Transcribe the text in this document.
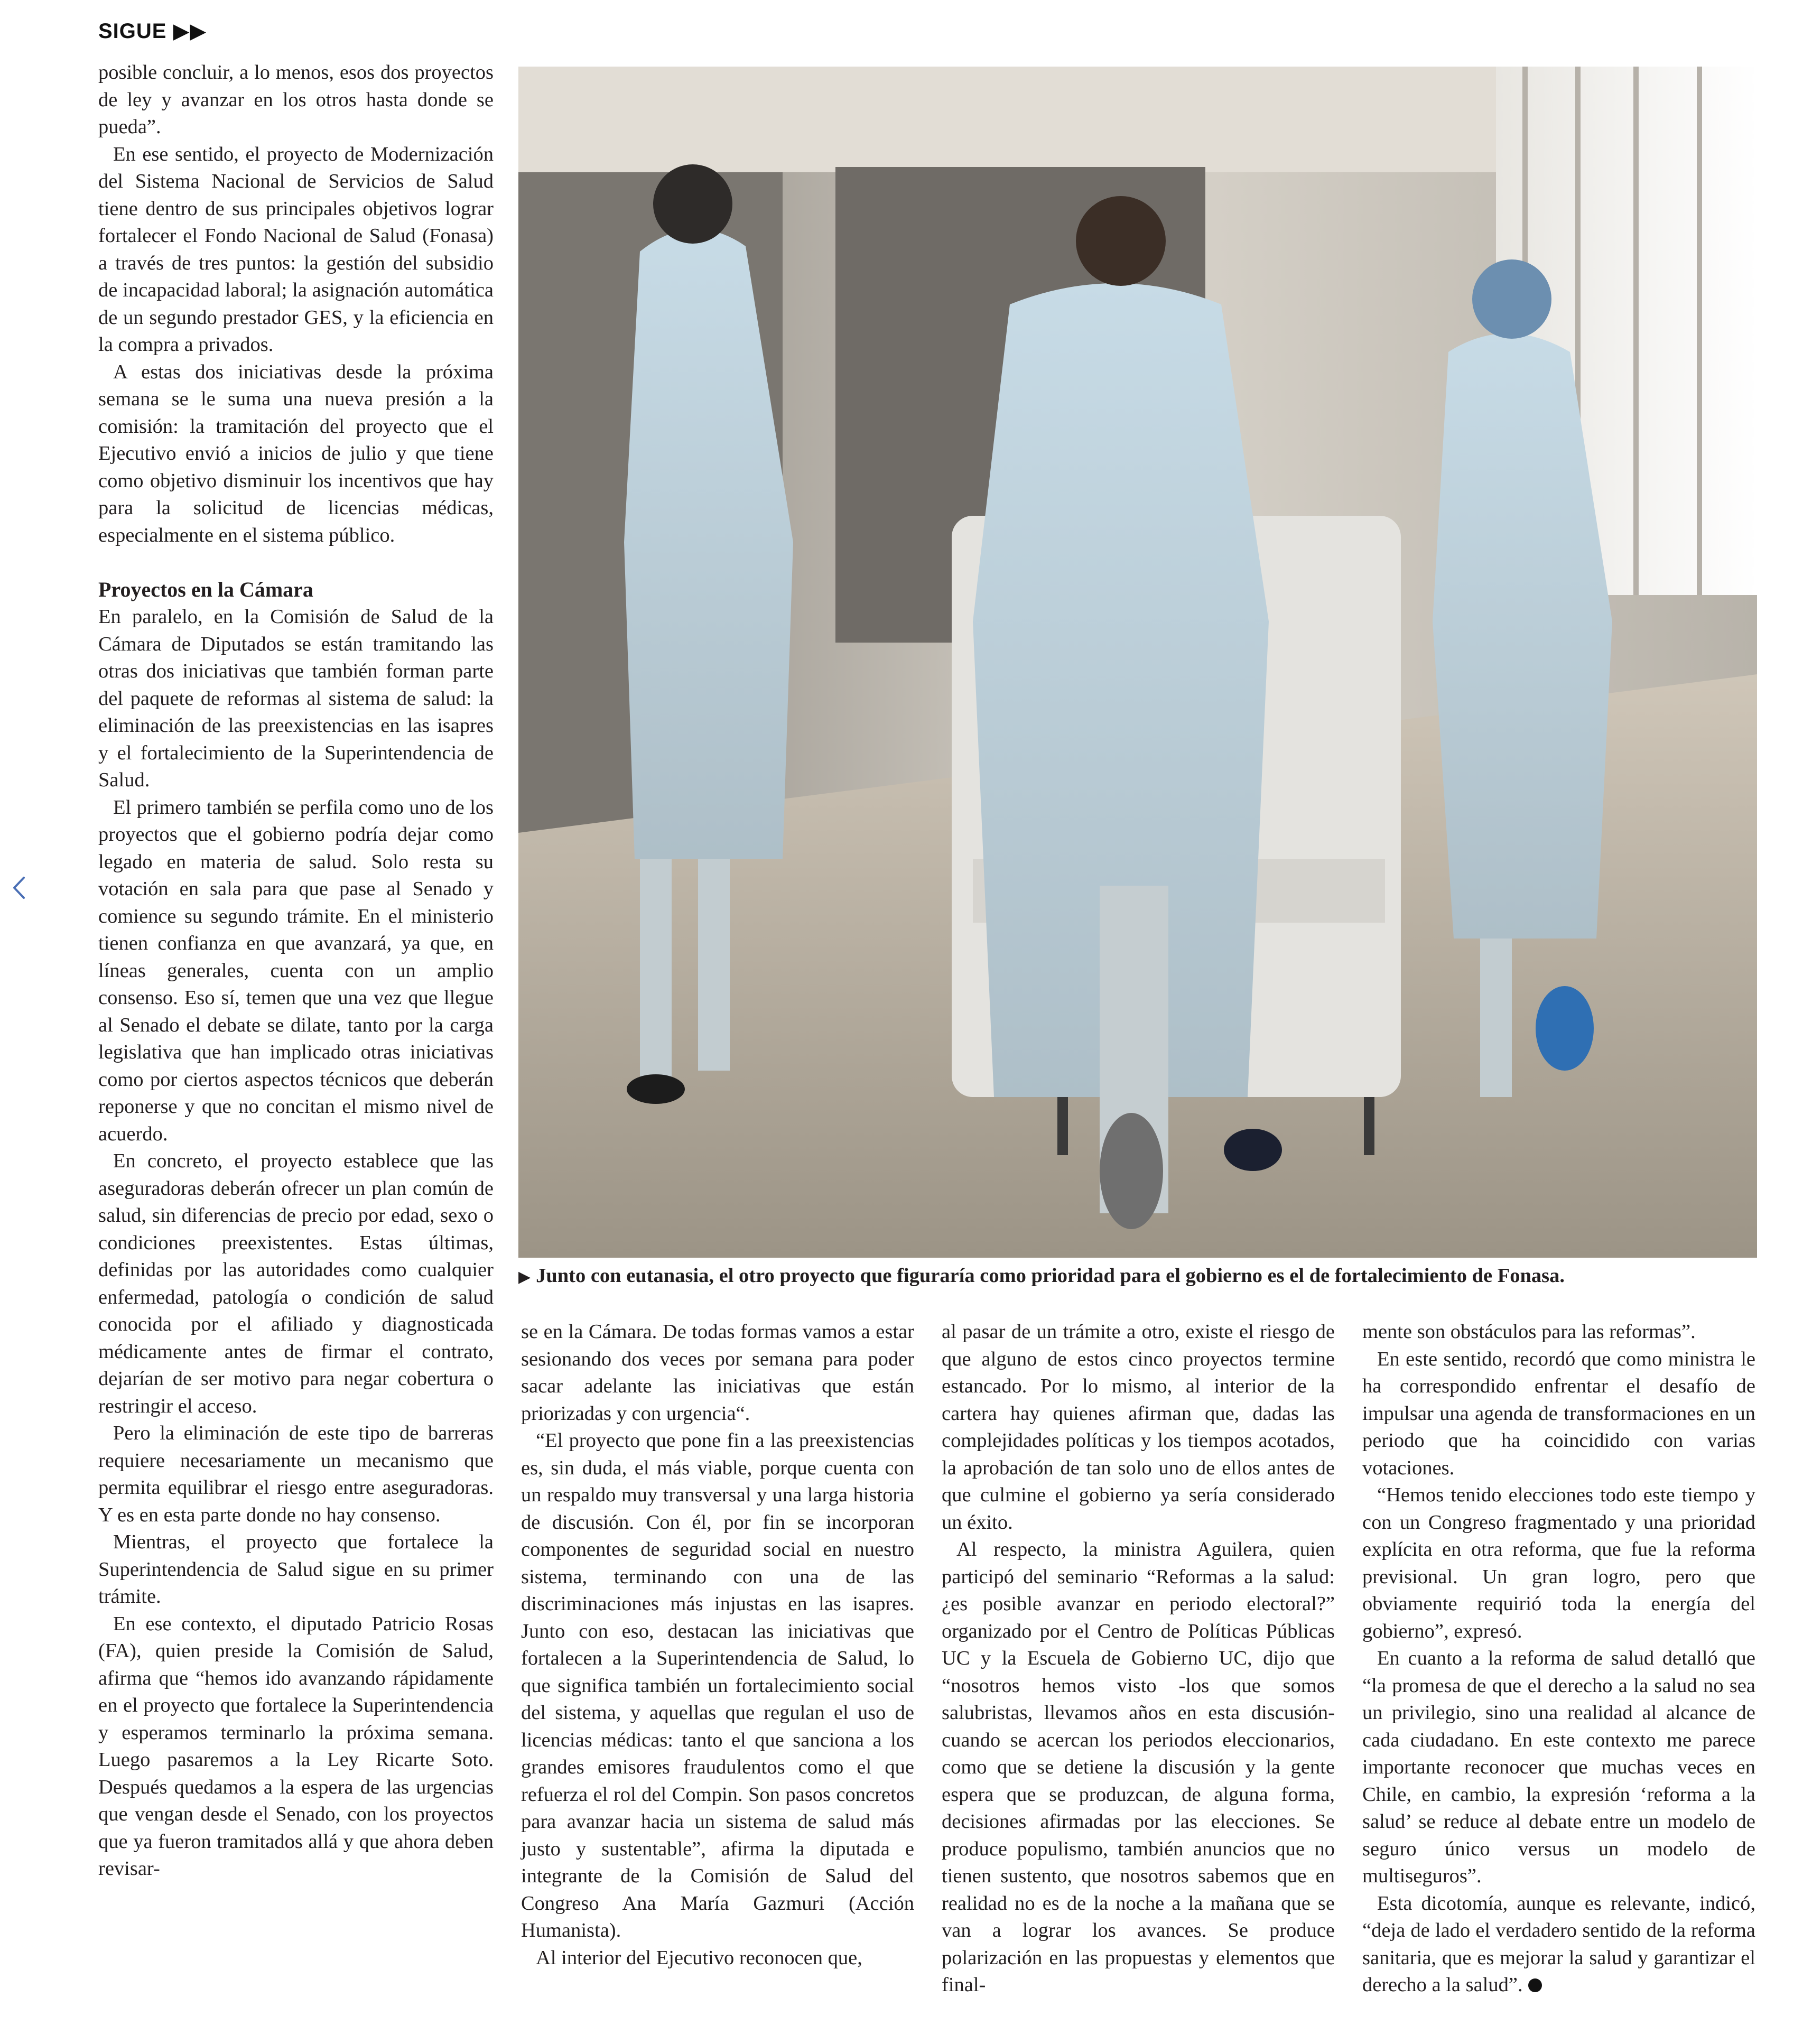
SIGUE ▶▶

posible concluir, a lo menos, esos dos proyectos de ley y avanzar en los otros hasta donde se pueda”.

En ese sentido, el proyecto de Modernización del Sistema Nacional de Servicios de Salud tiene dentro de sus principales objetivos lograr fortalecer el Fondo Nacional de Salud (Fonasa) a través de tres puntos: la gestión del subsidio de incapacidad laboral; la asignación automática de un segundo prestador GES, y la eficiencia en la compra a privados.

A estas dos iniciativas desde la próxima semana se le suma una nueva presión a la comisión: la tramitación del proyecto que el Ejecutivo envió a inicios de julio y que tiene como objetivo disminuir los incentivos que hay para la solicitud de licencias médicas, especialmente en el sistema público.

Proyectos en la Cámara

En paralelo, en la Comisión de Salud de la Cámara de Diputados se están tramitando las otras dos iniciativas que también forman parte del paquete de reformas al sistema de salud: la eliminación de las preexistencias en las isapres y el fortalecimiento de la Superintendencia de Salud.

El primero también se perfila como uno de los proyectos que el gobierno podría dejar como legado en materia de salud. Solo resta su votación en sala para que pase al Senado y comience su segundo trámite. En el ministerio tienen confianza en que avanzará, ya que, en líneas generales, cuenta con un amplio consenso. Eso sí, temen que una vez que llegue al Senado el debate se dilate, tanto por la carga legislativa que han implicado otras iniciativas como por ciertos aspectos técnicos que deberán reponerse y que no concitan el mismo nivel de acuerdo.

En concreto, el proyecto establece que las aseguradoras deberán ofrecer un plan común de salud, sin diferencias de precio por edad, sexo o condiciones preexistentes. Estas últimas, definidas por las autoridades como cualquier enfermedad, patología o condición de salud conocida por el afiliado y diagnosticada médicamente antes de firmar el contrato, dejarían de ser motivo para negar cobertura o restringir el acceso.

Pero la eliminación de este tipo de barreras requiere necesariamente un mecanismo que permita equilibrar el riesgo entre aseguradoras. Y es en esta parte donde no hay consenso.

Mientras, el proyecto que fortalece la Superintendencia de Salud sigue en su primer trámite.

En ese contexto, el diputado Patricio Rosas (FA), quien preside la Comisión de Salud, afirma que “hemos ido avanzando rápidamente en el proyecto que fortalece la Superintendencia y esperamos terminarlo la próxima semana. Luego pasaremos a la Ley Ricarte Soto. Después quedamos a la espera de las urgencias que vengan desde el Senado, con los proyectos que ya fueron tramitados allá y que ahora deben revisar-

▶ Junto con eutanasia, el otro proyecto que figuraría como prioridad para el gobierno es el de fortalecimiento de Fonasa.

se en la Cámara. De todas formas vamos a estar sesionando dos veces por semana para poder sacar adelante las iniciativas que están priorizadas y con urgencia“.

“El proyecto que pone fin a las preexistencias es, sin duda, el más viable, porque cuenta con un respaldo muy transversal y una larga historia de discusión. Con él, por fin se incorporan componentes de seguridad social en nuestro sistema, terminando con una de las discriminaciones más injustas en las isapres. Junto con eso, destacan las iniciativas que fortalecen a la Superintendencia de Salud, lo que significa también un fortalecimiento social del sistema, y aquellas que regulan el uso de licencias médicas: tanto el que sanciona a los grandes emisores fraudulentos como el que refuerza el rol del Compin. Son pasos concretos para avanzar hacia un sistema de salud más justo y sustentable”, afirma la diputada e integrante de la Comisión de Salud del Congreso Ana María Gazmuri (Acción Humanista).

Al interior del Ejecutivo reconocen que,

al pasar de un trámite a otro, existe el riesgo de que alguno de estos cinco proyectos termine estancado. Por lo mismo, al interior de la cartera hay quienes afirman que, dadas las complejidades políticas y los tiempos acotados, la aprobación de tan solo uno de ellos antes de que culmine el gobierno ya sería considerado un éxito.

Al respecto, la ministra Aguilera, quien participó del seminario “Reformas a la salud: ¿es posible avanzar en periodo electoral?” organizado por el Centro de Políticas Públicas UC y la Escuela de Gobierno UC, dijo que “nosotros hemos visto -los que somos salubristas, llevamos años en esta discusión- cuando se acercan los periodos eleccionarios, como que se detiene la discusión y la gente espera que se produzcan, de alguna forma, decisiones afirmadas por las elecciones. Se produce populismo, también anuncios que no tienen sustento, que nosotros sabemos que en realidad no es de la noche a la mañana que se van a lograr los avances. Se produce polarización en las propuestas y elementos que final-

mente son obstáculos para las reformas”.

En este sentido, recordó que como ministra le ha correspondido enfrentar el desafío de impulsar una agenda de transformaciones en un periodo que ha coincidido con varias votaciones.

“Hemos tenido elecciones todo este tiempo y con un Congreso fragmentado y una prioridad explícita en otra reforma, que fue la reforma previsional. Un gran logro, pero que obviamente requirió toda la energía del gobierno”, expresó.

En cuanto a la reforma de salud detalló que “la promesa de que el derecho a la salud no sea un privilegio, sino una realidad al alcance de cada ciudadano. En este contexto me parece importante reconocer que muchas veces en Chile, en cambio, la expresión ‘reforma a la salud’ se reduce al debate entre un modelo de seguro único versus un modelo de multiseguros”.

Esta dicotomía, aunque es relevante, indicó, “deja de lado el verdadero sentido de la reforma sanitaria, que es mejorar la salud y garantizar el derecho a la salud”.
